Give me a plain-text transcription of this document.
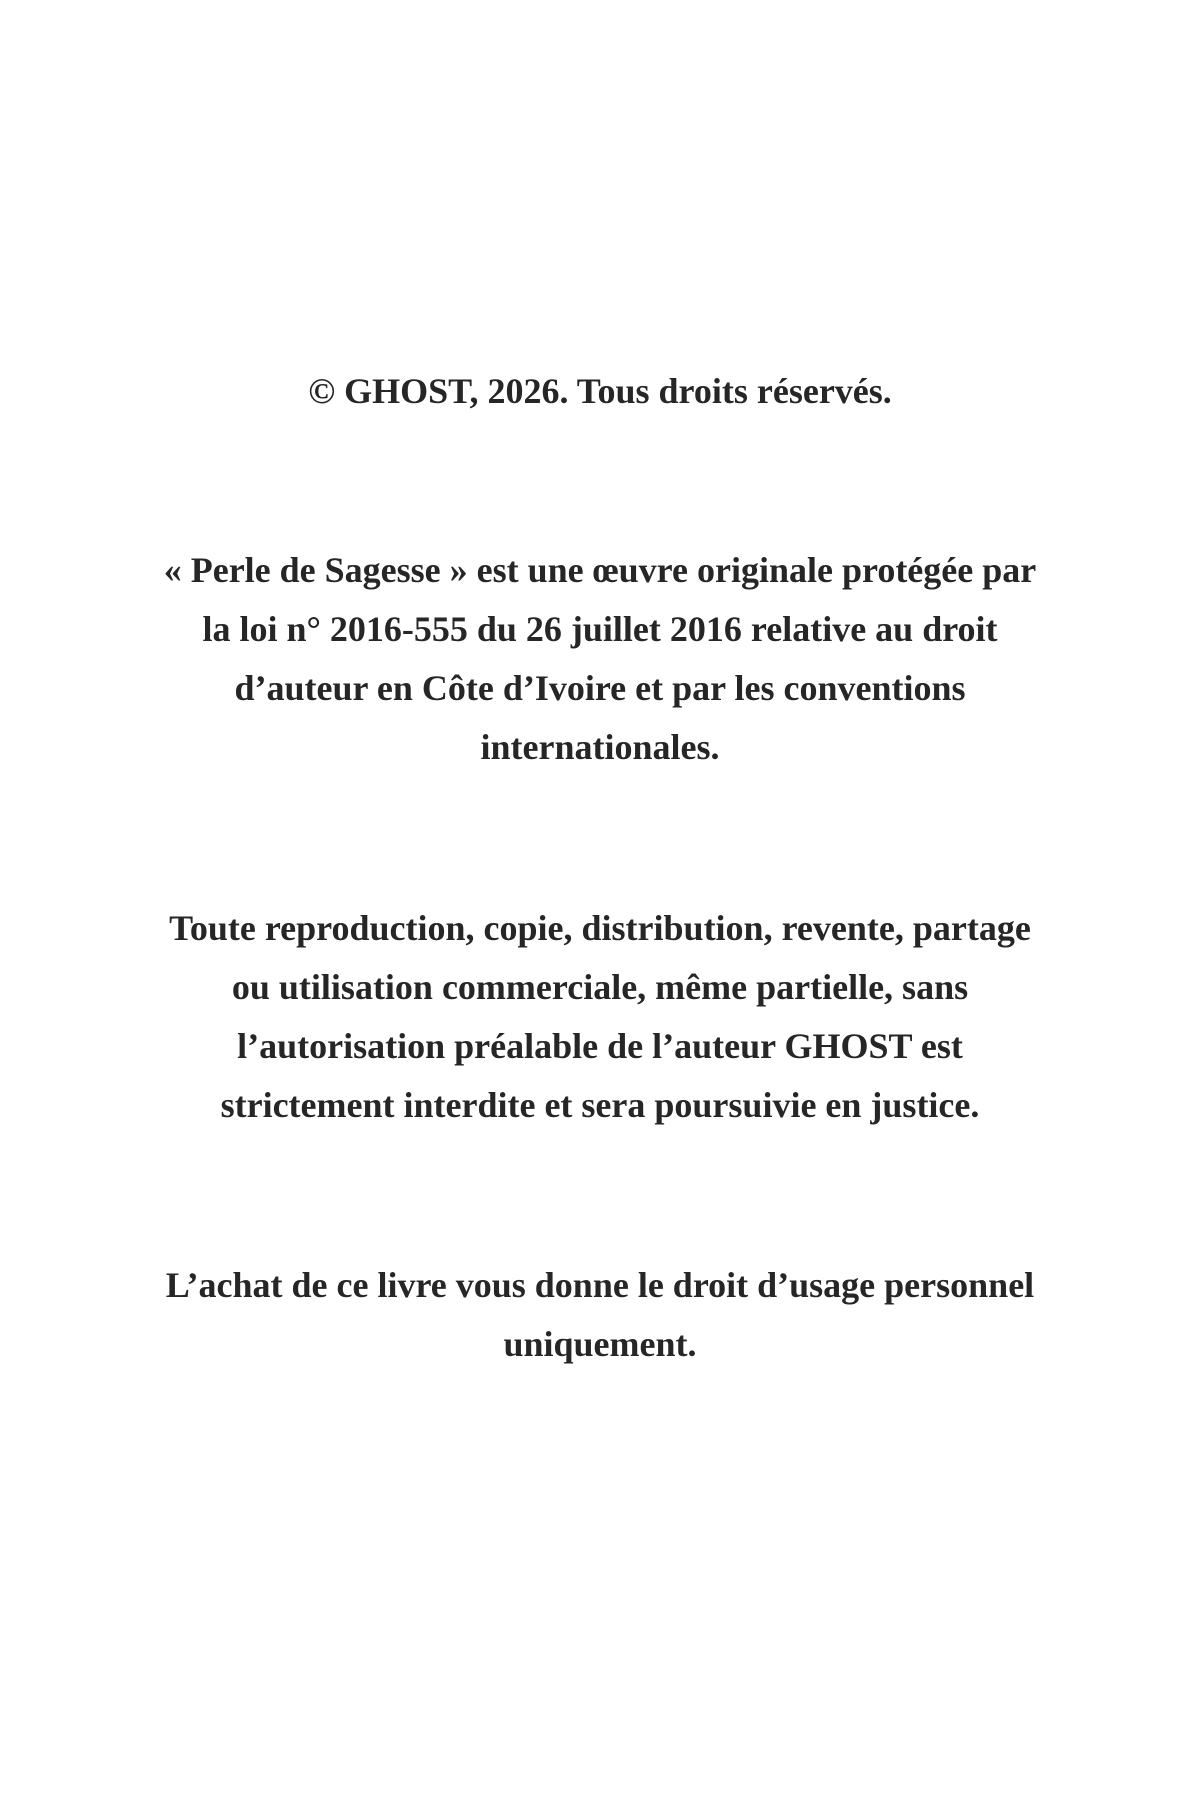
© GHOST, 2026. Tous droits réservés.
« Perle de Sagesse » est une œuvre originale protégée par
la loi n° 2016-555 du 26 juillet 2016 relative au droit
d’auteur en Côte d’Ivoire et par les conventions
internationales.
Toute reproduction, copie, distribution, revente, partage
ou utilisation commerciale, même partielle, sans
l’autorisation préalable de l’auteur GHOST est
strictement interdite et sera poursuivie en justice.
L’achat de ce livre vous donne le droit d’usage personnel
uniquement.
